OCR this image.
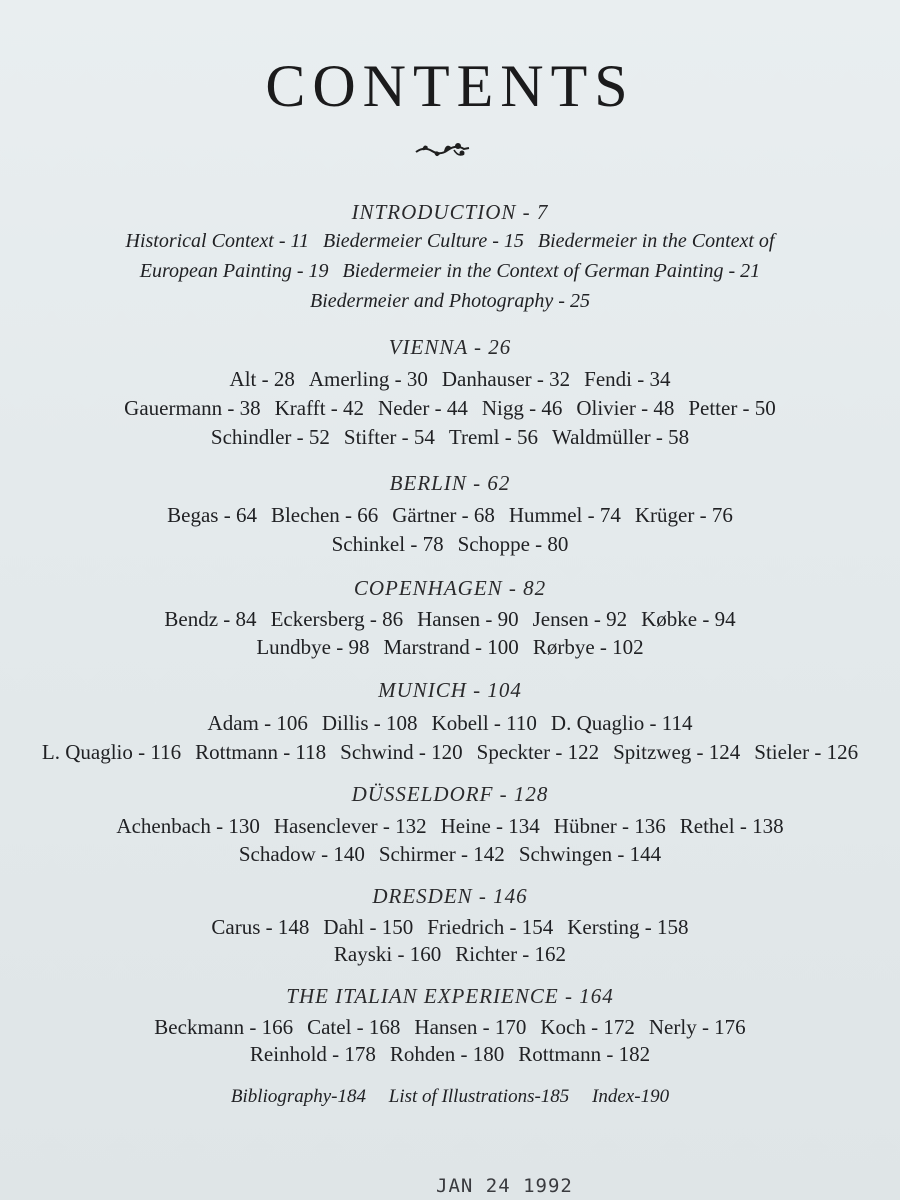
CONTENTS
INTRODUCTION - 7
Historical Context - 11 Biedermeier Culture - 15 Biedermeier in the Context of
European Painting - 19 Biedermeier in the Context of German Painting - 21
Biedermeier and Photography - 25
VIENNA - 26
Alt - 28 Amerling - 30 Danhauser - 32 Fendi - 34
Gauermann - 38 Krafft - 42 Neder - 44 Nigg - 46 Olivier - 48 Petter - 50
Schindler - 52 Stifter - 54 Treml - 56 Waldmüller - 58
BERLIN - 62
Begas - 64 Blechen - 66 Gärtner - 68 Hummel - 74 Krüger - 76
Schinkel - 78 Schoppe - 80
COPENHAGEN - 82
Bendz - 84 Eckersberg - 86 Hansen - 90 Jensen - 92 Købke - 94
Lundbye - 98 Marstrand - 100 Rørbye - 102
MUNICH - 104
Adam - 106 Dillis - 108 Kobell - 110 D. Quaglio - 114
L. Quaglio - 116 Rottmann - 118 Schwind - 120 Speckter - 122 Spitzweg - 124 Stieler - 126
DÜSSELDORF - 128
Achenbach - 130 Hasenclever - 132 Heine - 134 Hübner - 136 Rethel - 138
Schadow - 140 Schirmer - 142 Schwingen - 144
DRESDEN - 146
Carus - 148 Dahl - 150 Friedrich - 154 Kersting - 158
Rayski - 160 Richter - 162
THE ITALIAN EXPERIENCE - 164
Beckmann - 166 Catel - 168 Hansen - 170 Koch - 172 Nerly - 176
Reinhold - 178 Rohden - 180 Rottmann - 182
Bibliography-184 List of Illustrations-185 Index-190
JAN 24 1992
